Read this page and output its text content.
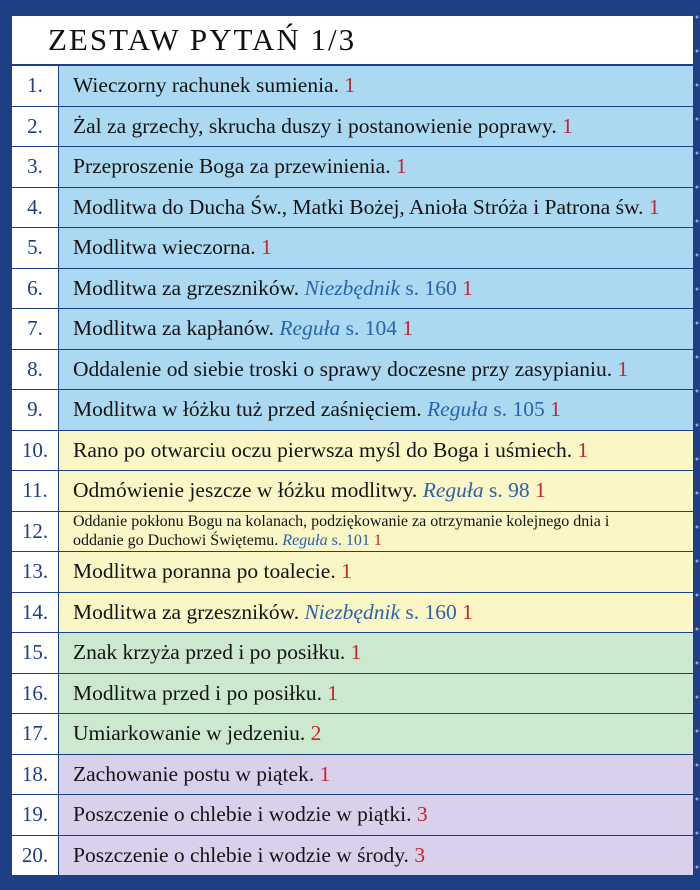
ZESTAW PYTAŃ 1/3
1.	Wieczorny rachunek sumienia. 1
2.	Żal za grzechy, skrucha duszy i postanowienie poprawy. 1
3.	Przeproszenie Boga za przewinienia. 1
4.	Modlitwa do Ducha Św., Matki Bożej, Anioła Stróża i Patrona św. 1
5.	Modlitwa wieczorna. 1
6.	Modlitwa za grzeszników. Niezbędnik s. 160 1
7.	Modlitwa za kapłanów. Reguła s. 104 1
8.	Oddalenie od siebie troski o sprawy doczesne przy zasypianiu. 1
9.	Modlitwa w łóżku tuż przed zaśnięciem. Reguła s. 105 1
10.	Rano po otwarciu oczu pierwsza myśl do Boga i uśmiech. 1
11.	Odmówienie jeszcze w łóżku modlitwy. Reguła s. 98 1
12.	Oddanie pokłonu Bogu na kolanach, podziękowanie za otrzymanie kolejnego dnia i oddanie go Duchowi Świętemu. Reguła s. 101 1
13.	Modlitwa poranna po toalecie. 1
14.	Modlitwa za grzeszników. Niezbędnik s. 160 1
15.	Znak krzyża przed i po posiłku. 1
16.	Modlitwa przed i po posiłku. 1
17.	Umiarkowanie w jedzeniu. 2
18.	Zachowanie postu w piątek. 1
19.	Poszczenie o chlebie i wodzie w piątki. 3
20.	Poszczenie o chlebie i wodzie w środy. 3
